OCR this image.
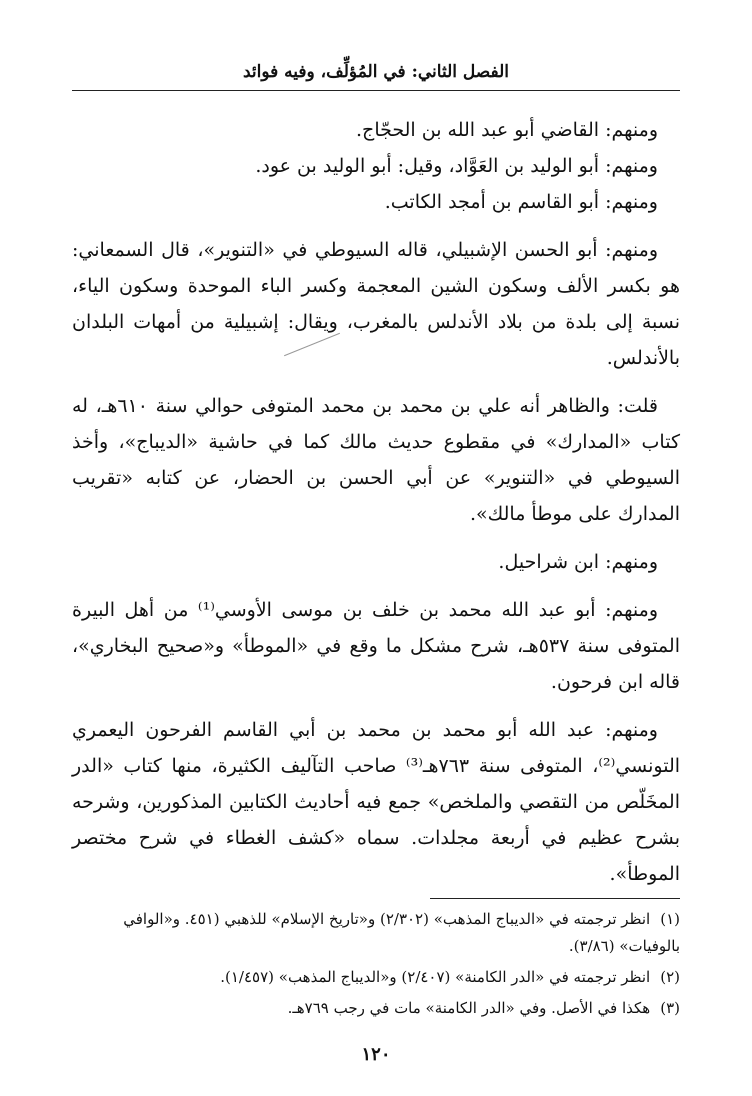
الفصل الثاني: في المُؤلِّف، وفيه فوائد

ومنهم: القاضي أبو عبد الله بن الحجّاج.

ومنهم: أبو الوليد بن العَوَّاد، وقيل: أبو الوليد بن عود.

ومنهم: أبو القاسم بن أمجد الكاتب.

ومنهم: أبو الحسن الإشبيلي، قاله السيوطي في «التنوير»، قال السمعاني: هو بكسر الألف وسكون الشين المعجمة وكسر الباء الموحدة وسكون الياء، نسبة إلى بلدة من بلاد الأندلس بالمغرب، ويقال: إشبيلية من أمهات البلدان بالأندلس.

قلت: والظاهر أنه علي بن محمد بن محمد المتوفى حوالي سنة ٦١٠هـ، له كتاب «المدارك» في مقطوع حديث مالك كما في حاشية «الديباج»، وأخذ السيوطي في «التنوير» عن أبي الحسن بن الحضار، عن كتابه «تقريب المدارك على موطأ مالك».

ومنهم: ابن شراحيل.

ومنهم: أبو عبد الله محمد بن خلف بن موسى الأوسي⁽¹⁾ من أهل البيرة المتوفى سنة ٥٣٧هـ، شرح مشكل ما وقع في «الموطأ» و«صحيح البخاري»، قاله ابن فرحون.

ومنهم: عبد الله أبو محمد بن محمد بن أبي القاسم الفرحون اليعمري التونسي⁽²⁾، المتوفى سنة ٧٦٣هـ⁽³⁾ صاحب التآليف الكثيرة، منها كتاب «الدر المخَلّص من التقصي والملخص» جمع فيه أحاديث الكتابين المذكورين، وشرحه بشرح عظيم في أربعة مجلدات. سماه «كشف الغطاء في شرح مختصر الموطأ».

(١)انظر ترجمته في «الديباج المذهب» (٢/٣٠٢) و«تاريخ الإسلام» للذهبي (٤٥١. و«الوافي بالوفيات» (٣/٨٦).

(٢)انظر ترجمته في «الدر الكامنة» (٢/٤٠٧) و«الديباج المذهب» (١/٤٥٧).

(٣)هكذا في الأصل. وفي «الدر الكامنة» مات في رجب ٧٦٩هـ.

١٢٠
